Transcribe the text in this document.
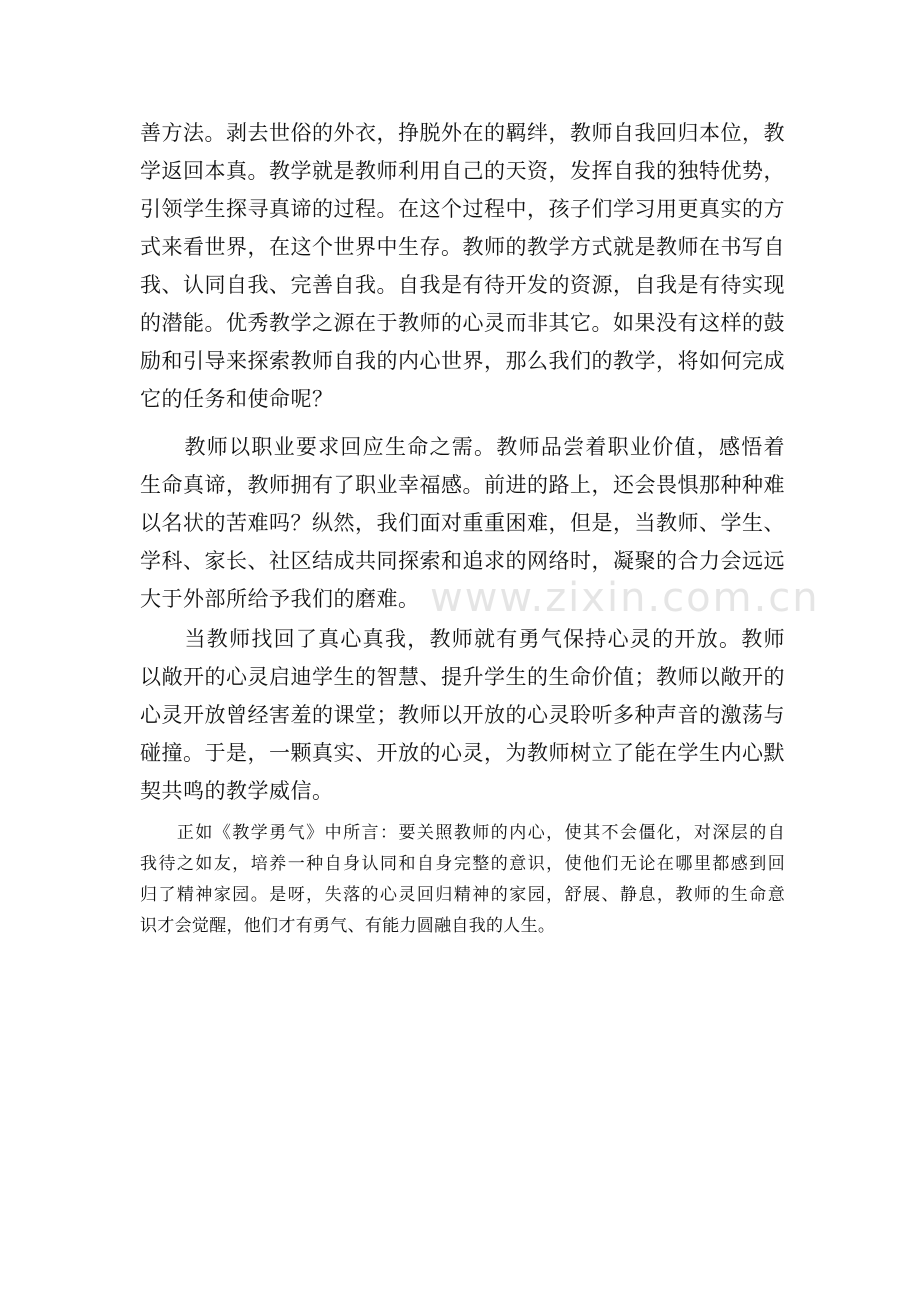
善方法。剥去世俗的外衣，挣脱外在的羁绊，教师自我回归本位，教
学返回本真。教学就是教师利用自己的天资，发挥自我的独特优势，
引领学生探寻真谛的过程。在这个过程中，孩子们学习用更真实的方
式来看世界，在这个世界中生存。教师的教学方式就是教师在书写自
我、认同自我、完善自我。自我是有待开发的资源，自我是有待实现
的潜能。优秀教学之源在于教师的心灵而非其它。如果没有这样的鼓
励和引导来探索教师自我的内心世界，那么我们的教学，将如何完成
它的任务和使命呢？
　　教师以职业要求回应生命之需。教师品尝着职业价值，感悟着
生命真谛，教师拥有了职业幸福感。前进的路上，还会畏惧那种种难
以名状的苦难吗？纵然，我们面对重重困难，但是，当教师、学生、
学科、家长、社区结成共同探索和追求的网络时，凝聚的合力会远远
大于外部所给予我们的磨难。
　　当教师找回了真心真我，教师就有勇气保持心灵的开放。教师
以敞开的心灵启迪学生的智慧、提升学生的生命价值；教师以敞开的
心灵开放曾经害羞的课堂；教师以开放的心灵聆听多种声音的激荡与
碰撞。于是，一颗真实、开放的心灵，为教师树立了能在学生内心默
契共鸣的教学威信。
　　正如《教学勇气》中所言：要关照教师的内心，使其不会僵化，对深层的自
我待之如友，培养一种自身认同和自身完整的意识，使他们无论在哪里都感到回
归了精神家园。是呀，失落的心灵回归精神的家园，舒展、静息，教师的生命意
识才会觉醒，他们才有勇气、有能力圆融自我的人生。
www.zixin.com.cn
